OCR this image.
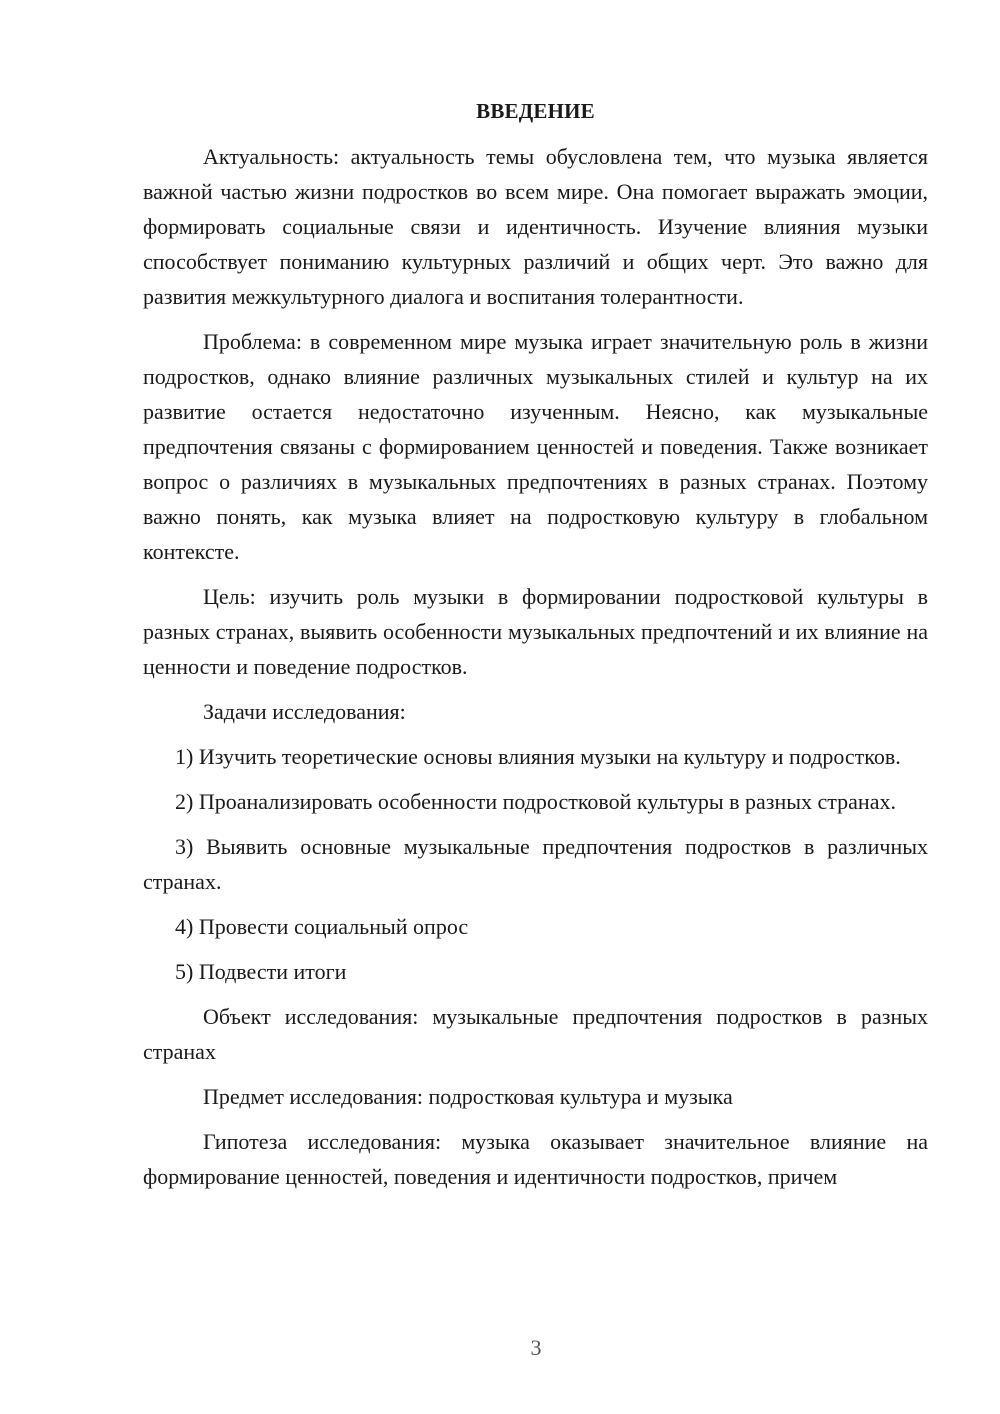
ВВЕДЕНИЕ

Актуальность: актуальность темы обусловлена тем, что музыка является важной частью жизни подростков во всем мире. Она помогает выражать эмоции, формировать социальные связи и идентичность. Изучение влияния музыки способствует пониманию культурных различий и общих черт. Это важно для развития межкультурного диалога и воспитания толерантности.

Проблема: в современном мире музыка играет значительную роль в жизни подростков, однако влияние различных музыкальных стилей и культур на их развитие остается недостаточно изученным. Неясно, как музыкальные предпочтения связаны с формированием ценностей и поведения. Также возникает вопрос о различиях в музыкальных предпочтениях в разных странах. Поэтому важно понять, как музыка влияет на подростковую культуру в глобальном контексте.

Цель: изучить роль музыки в формировании подростковой культуры в разных странах, выявить особенности музыкальных предпочтений и их влияние на ценности и поведение подростков.

Задачи исследования:

1) Изучить теоретические основы влияния музыки на культуру и подростков.

2) Проанализировать особенности подростковой культуры в разных странах.

3) Выявить основные музыкальные предпочтения подростков в различных странах.

4) Провести социальный опрос

5) Подвести итоги

Объект исследования: музыкальные предпочтения подростков в разных странах

Предмет исследования: подростковая культура и музыка

Гипотеза исследования: музыка оказывает значительное влияние на формирование ценностей, поведения и идентичности подростков, причем

3
